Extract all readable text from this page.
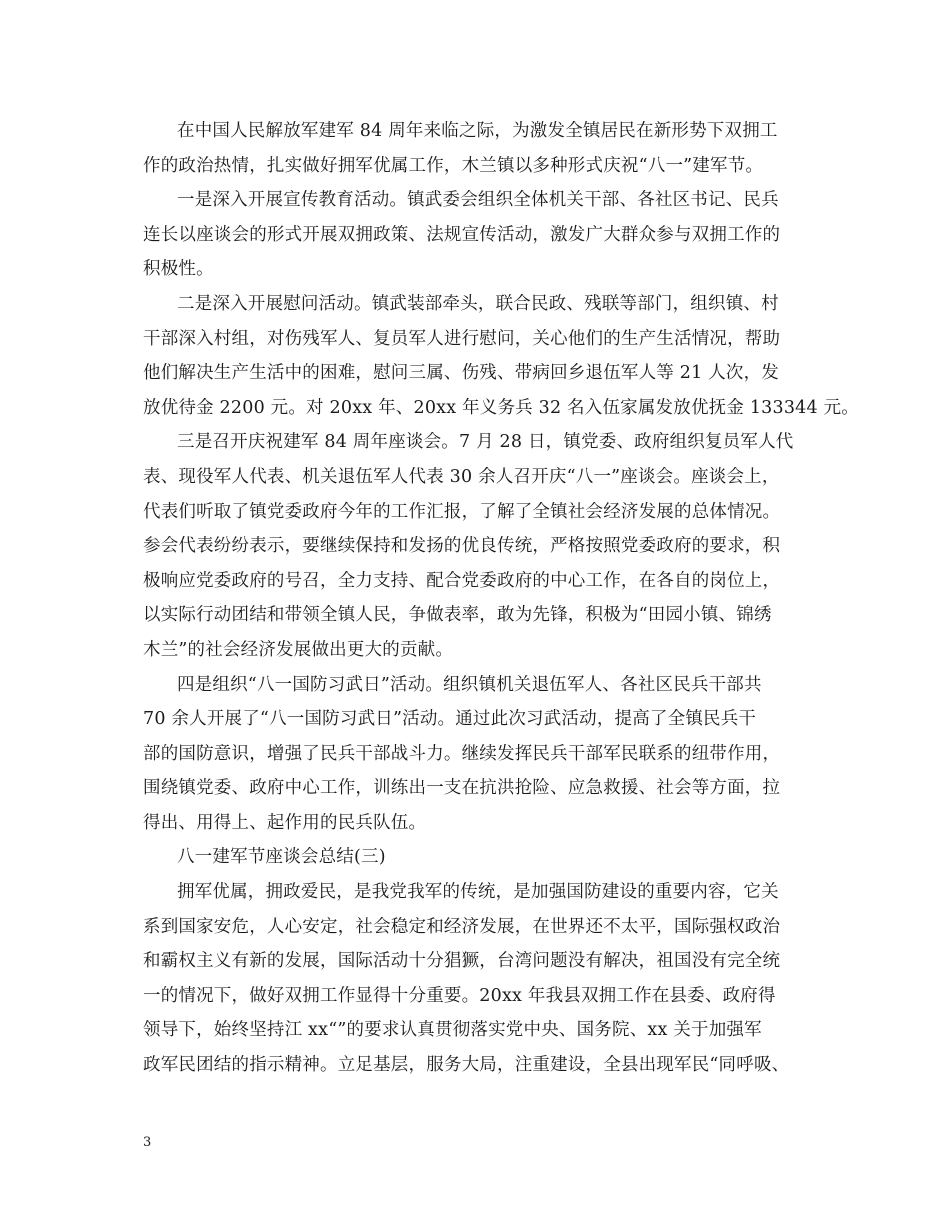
在中国人民解放军建军 84 周年来临之际，为激发全镇居民在新形势下双拥工
作的政治热情，扎实做好拥军优属工作，木兰镇以多种形式庆祝“八一”建军节。
一是深入开展宣传教育活动。镇武委会组织全体机关干部、各社区书记、民兵
连长以座谈会的形式开展双拥政策、法规宣传活动，激发广大群众参与双拥工作的
积极性。
二是深入开展慰问活动。镇武装部牵头，联合民政、残联等部门，组织镇、村
干部深入村组，对伤残军人、复员军人进行慰问，关心他们的生产生活情况，帮助
他们解决生产生活中的困难，慰问三属、伤残、带病回乡退伍军人等 21 人次，发
放优待金 2200 元。对 20xx 年、20xx 年义务兵 32 名入伍家属发放优抚金 133344 元。
三是召开庆祝建军 84 周年座谈会。7 月 28 日，镇党委、政府组织复员军人代
表、现役军人代表、机关退伍军人代表 30 余人召开庆“八一”座谈会。座谈会上，
代表们听取了镇党委政府今年的工作汇报，了解了全镇社会经济发展的总体情况。
参会代表纷纷表示，要继续保持和发扬的优良传统，严格按照党委政府的要求，积
极响应党委政府的号召，全力支持、配合党委政府的中心工作，在各自的岗位上，
以实际行动团结和带领全镇人民，争做表率，敢为先锋，积极为“田园小镇、锦绣
木兰”的社会经济发展做出更大的贡献。
四是组织“八一国防习武日”活动。组织镇机关退伍军人、各社区民兵干部共
70 余人开展了“八一国防习武日”活动。通过此次习武活动，提高了全镇民兵干
部的国防意识，增强了民兵干部战斗力。继续发挥民兵干部军民联系的纽带作用，
围绕镇党委、政府中心工作，训练出一支在抗洪抢险、应急救援、社会等方面，拉
得出、用得上、起作用的民兵队伍。
八一建军节座谈会总结(三)
拥军优属，拥政爱民，是我党我军的传统，是加强国防建设的重要内容，它关
系到国家安危，人心安定，社会稳定和经济发展，在世界还不太平，国际强权政治
和霸权主义有新的发展，国际活动十分猖獗，台湾问题没有解决，祖国没有完全统
一的情况下，做好双拥工作显得十分重要。20xx 年我县双拥工作在县委、政府得
领导下，始终坚持江 xx“”的要求认真贯彻落实党中央、国务院、xx 关于加强军
政军民团结的指示精神。立足基层，服务大局，注重建设，全县出现军民“同呼吸、
3
